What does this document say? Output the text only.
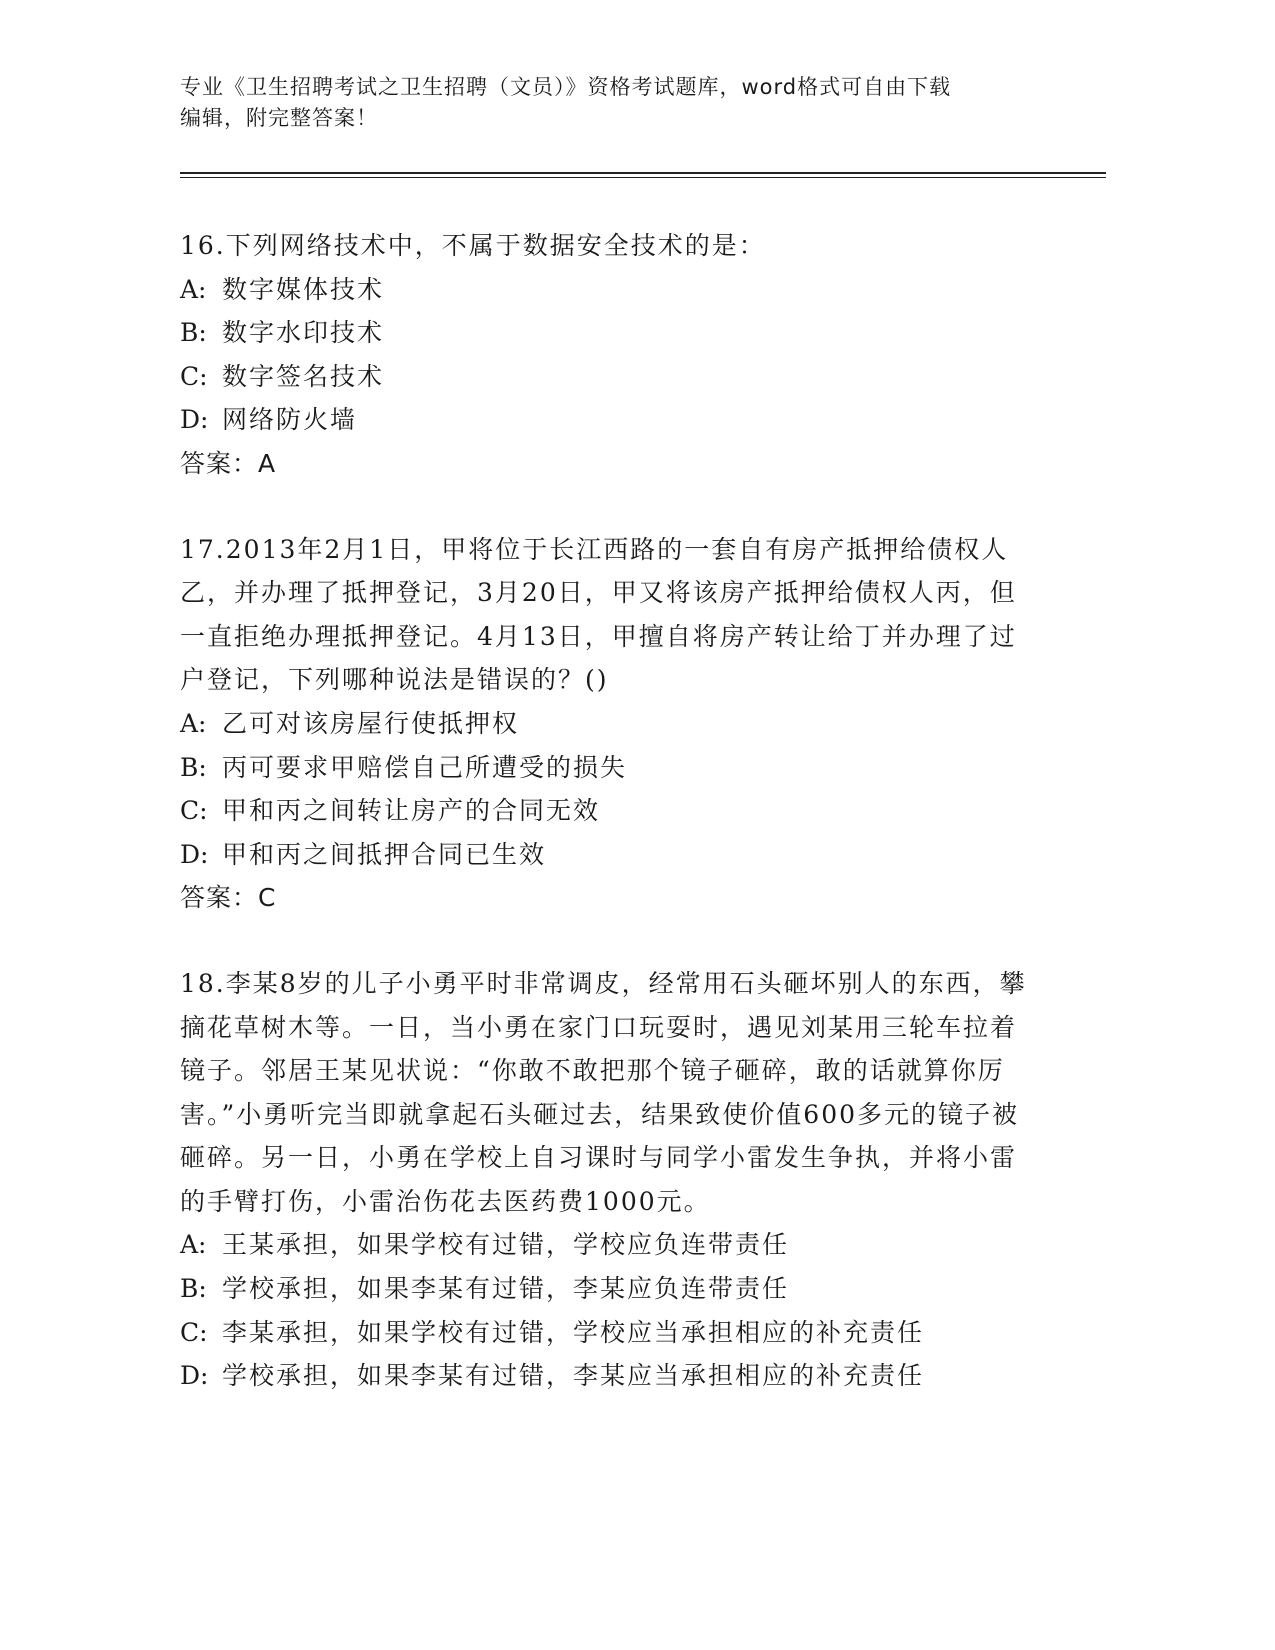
专业《卫生招聘考试之卫生招聘（文员）》资格考试题库，word格式可自由下载
编辑，附完整答案！

16.下列网络技术中，不属于数据安全技术的是：

A: 数字媒体技术

B: 数字水印技术

C: 数字签名技术

D: 网络防火墙

答案：A

17.2013年2月1日，甲将位于长江西路的一套自有房产抵押给债权人乙，并办理了抵押登记，3月20日，甲又将该房产抵押给债权人丙，但一直拒绝办理抵押登记。4月13日，甲擅自将房产转让给丁并办理了过户登记，下列哪种说法是错误的？()

A: 乙可对该房屋行使抵押权

B: 丙可要求甲赔偿自己所遭受的损失

C: 甲和丙之间转让房产的合同无效

D: 甲和丙之间抵押合同已生效

答案：C

18.李某8岁的儿子小勇平时非常调皮，经常用石头砸坏别人的东西，攀摘花草树木等。一日，当小勇在家门口玩耍时，遇见刘某用三轮车拉着镜子。邻居王某见状说：“你敢不敢把那个镜子砸碎，敢的话就算你厉害。”小勇听完当即就拿起石头砸过去，结果致使价值600多元的镜子被砸碎。另一日，小勇在学校上自习课时与同学小雷发生争执，并将小雷的手臂打伤，小雷治伤花去医药费1000元。

A: 王某承担，如果学校有过错，学校应负连带责任

B: 学校承担，如果李某有过错，李某应负连带责任

C: 李某承担，如果学校有过错，学校应当承担相应的补充责任

D: 学校承担，如果李某有过错，李某应当承担相应的补充责任
